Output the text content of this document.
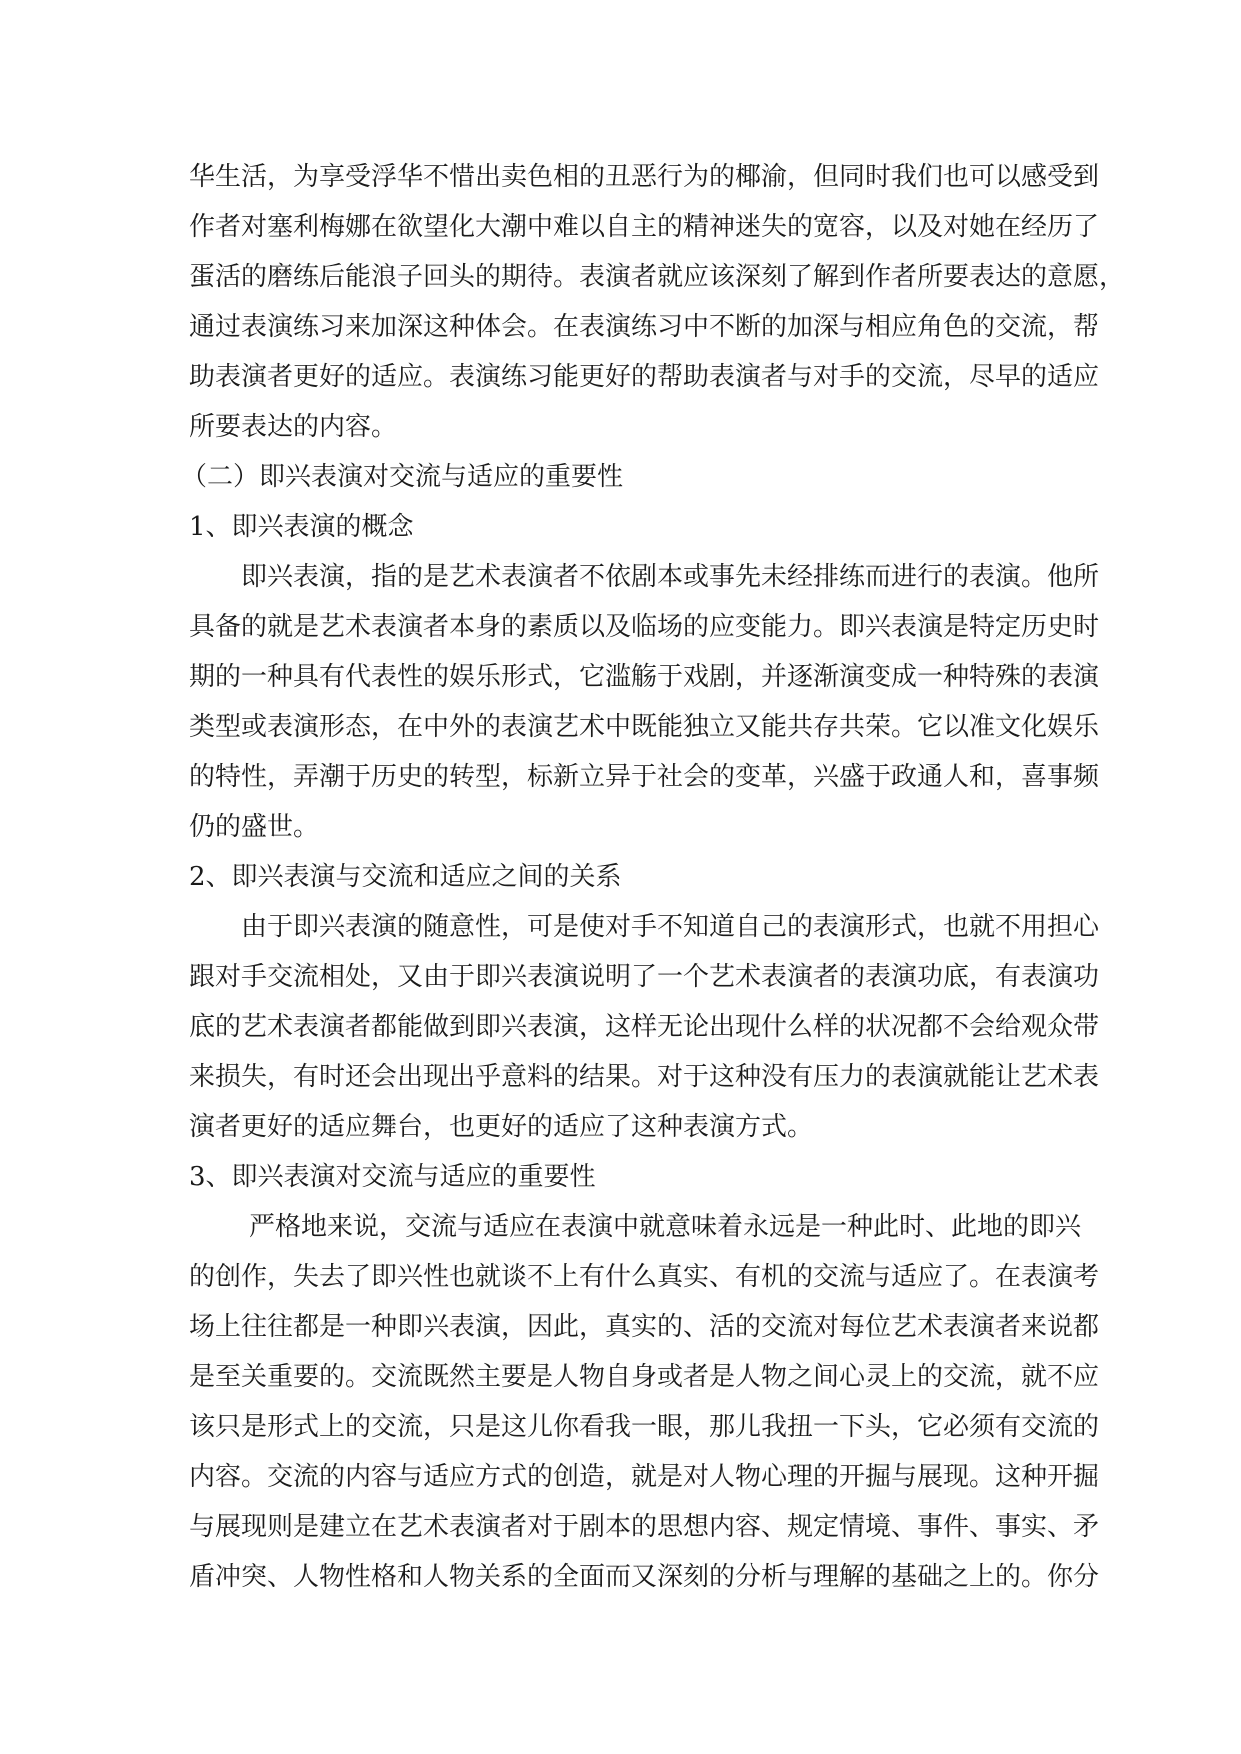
华生活，为享受浮华不惜出卖色相的丑恶行为的椰渝，但同时我们也可以感受到
作者对塞利梅娜在欲望化大潮中难以自主的精神迷失的宽容，以及对她在经历了
蛋活的磨练后能浪子回头的期待。表演者就应该深刻了解到作者所要表达的意愿，
通过表演练习来加深这种体会。在表演练习中不断的加深与相应角色的交流，帮
助表演者更好的适应。表演练习能更好的帮助表演者与对手的交流，尽早的适应
所要表达的内容。
（二）即兴表演对交流与适应的重要性
1、即兴表演的概念
即兴表演，指的是艺术表演者不依剧本或事先未经排练而进行的表演。他所
具备的就是艺术表演者本身的素质以及临场的应变能力。即兴表演是特定历史时
期的一种具有代表性的娱乐形式，它滥觞于戏剧，并逐渐演变成一种特殊的表演
类型或表演形态，在中外的表演艺术中既能独立又能共存共荣。它以准文化娱乐
的特性，弄潮于历史的转型，标新立异于社会的变革，兴盛于政通人和，喜事频
仍的盛世。
2、即兴表演与交流和适应之间的关系
由于即兴表演的随意性，可是使对手不知道自己的表演形式，也就不用担心
跟对手交流相处，又由于即兴表演说明了一个艺术表演者的表演功底，有表演功
底的艺术表演者都能做到即兴表演，这样无论出现什么样的状况都不会给观众带
来损失，有时还会出现出乎意料的结果。对于这种没有压力的表演就能让艺术表
演者更好的适应舞台，也更好的适应了这种表演方式。
3、即兴表演对交流与适应的重要性
严格地来说，交流与适应在表演中就意味着永远是一种此时、此地的即兴
的创作，失去了即兴性也就谈不上有什么真实、有机的交流与适应了。在表演考
场上往往都是一种即兴表演，因此，真实的、活的交流对每位艺术表演者来说都
是至关重要的。交流既然主要是人物自身或者是人物之间心灵上的交流，就不应
该只是形式上的交流，只是这儿你看我一眼，那儿我扭一下头，它必须有交流的
内容。交流的内容与适应方式的创造，就是对人物心理的开掘与展现。这种开掘
与展现则是建立在艺术表演者对于剧本的思想内容、规定情境、事件、事实、矛
盾冲突、人物性格和人物关系的全面而又深刻的分析与理解的基础之上的。你分
